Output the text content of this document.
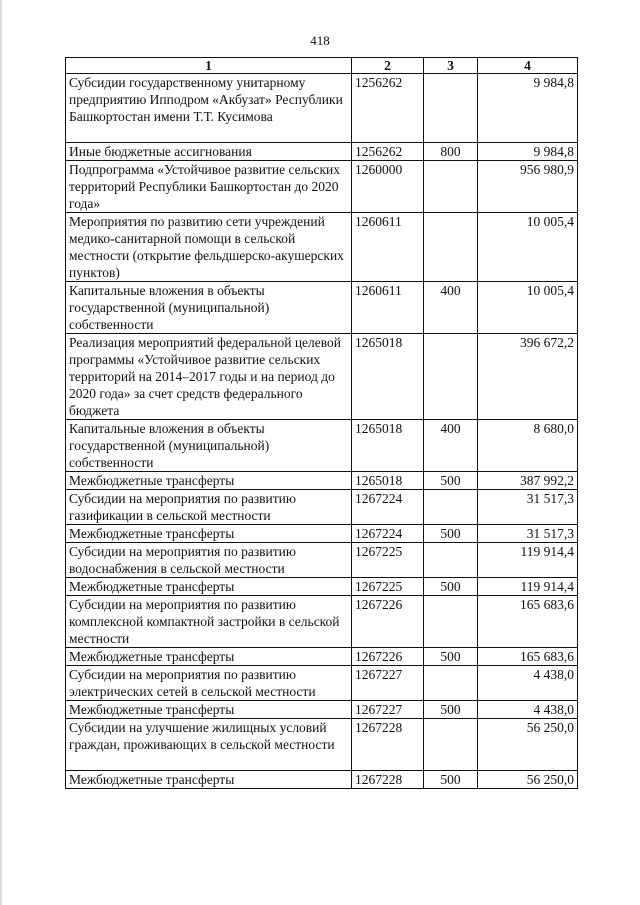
418
1	2	3	4
Субсидии государственному унитарному предприятию Ипподром «Акбузат» Республики Башкортостан имени Т.Т. Кусимова	1256262		9 984,8
Иные бюджетные ассигнования	1256262	800	9 984,8
Подпрограмма «Устойчивое развитие сельских территорий Республики Башкортостан до 2020 года»	1260000		956 980,9
Мероприятия по развитию сети учреждений медико-санитарной помощи в сельской местности (открытие фельдшерско-акушерских пунктов)	1260611		10 005,4
Капитальные вложения в объекты государственной (муниципальной) собственности	1260611	400	10 005,4
Реализация мероприятий федеральной целевой программы «Устойчивое развитие сельских территорий на 2014–2017 годы и на период до 2020 года» за счет средств федерального бюджета	1265018		396 672,2
Капитальные вложения в объекты государственной (муниципальной) собственности	1265018	400	8 680,0
Межбюджетные трансферты	1265018	500	387 992,2
Субсидии на мероприятия по развитию газификации в сельской местности	1267224		31 517,3
Межбюджетные трансферты	1267224	500	31 517,3
Субсидии на мероприятия по развитию водоснабжения в сельской местности	1267225		119 914,4
Межбюджетные трансферты	1267225	500	119 914,4
Субсидии на мероприятия по развитию комплексной компактной застройки в сельской местности	1267226		165 683,6
Межбюджетные трансферты	1267226	500	165 683,6
Субсидии на мероприятия по развитию электрических сетей в сельской местности	1267227		4 438,0
Межбюджетные трансферты	1267227	500	4 438,0
Субсидии на улучшение жилищных условий граждан, проживающих в сельской местности	1267228		56 250,0
Межбюджетные трансферты	1267228	500	56 250,0
